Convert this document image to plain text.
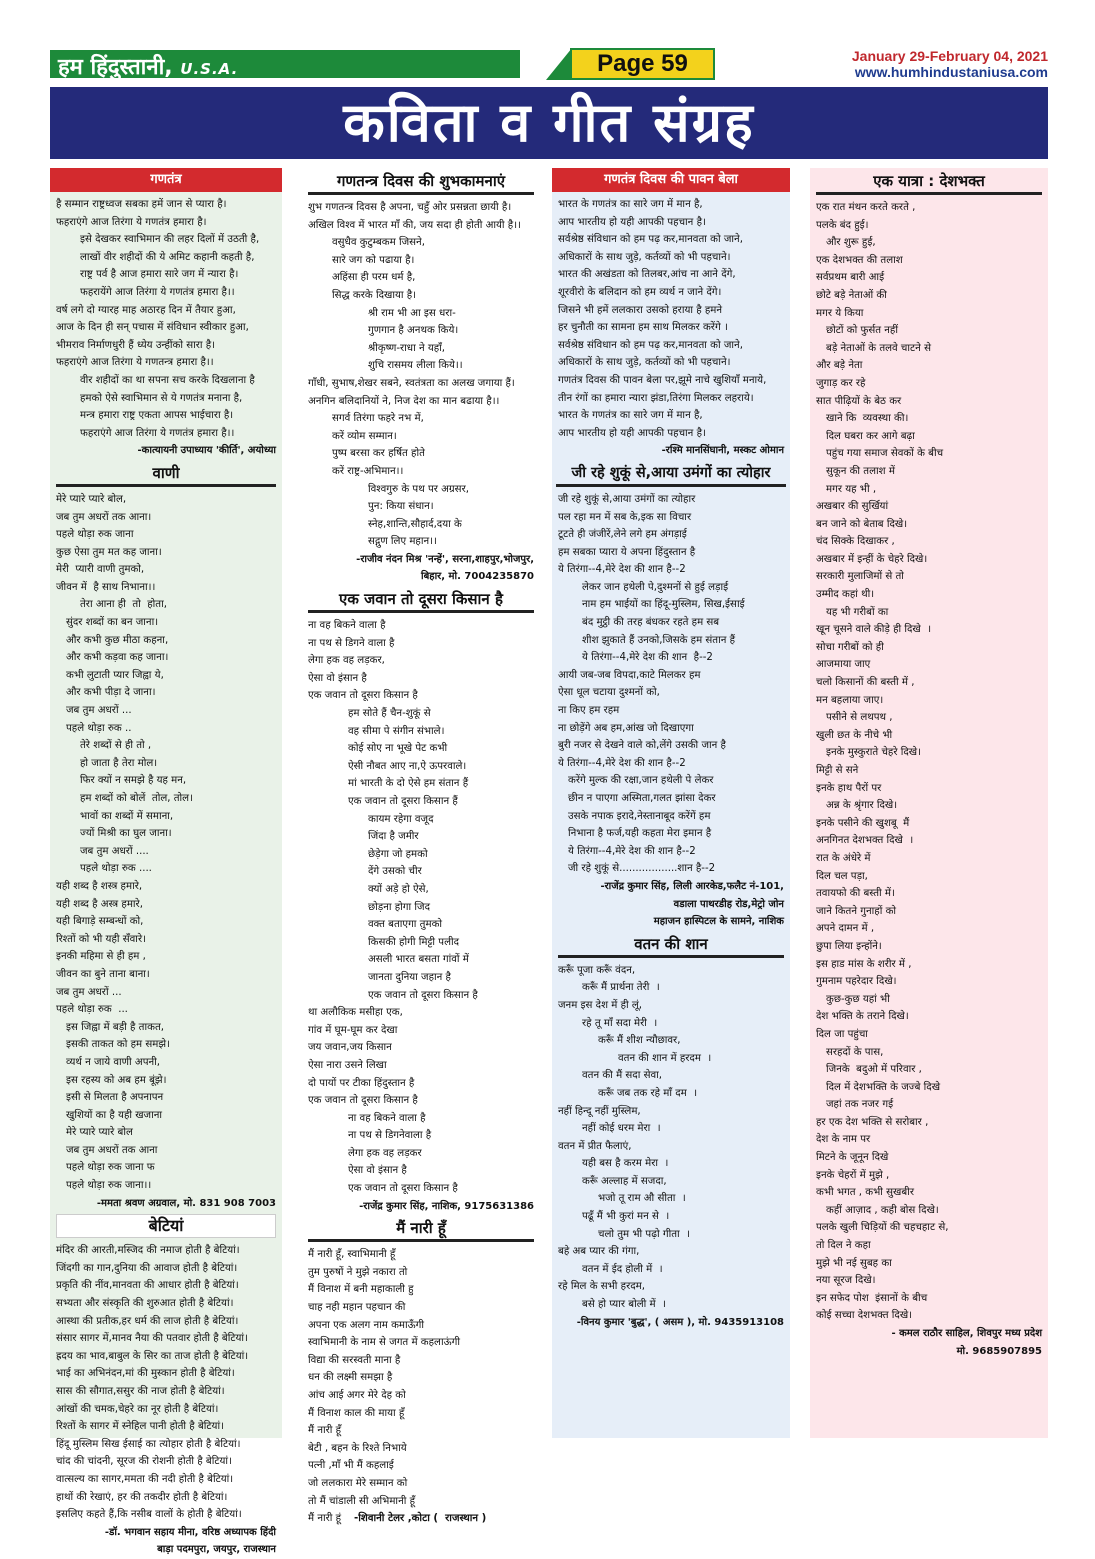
हम हिंदुस्तानी, U.S.A.	Page 59	January 29-February 04, 2021
www.humhindustaniusa.com
कविता व गीत संग्रह
गणतंत्र
है सम्मान राष्ट्रध्वज सबका हमें जान से प्यारा है।
फहराएंगे आज तिरंगा ये गणतंत्र हमारा है।
इसे देखकर स्वाभिमान की लहर दिलों में उठती है,
लाखों वीर शहीदों की ये अमिट कहानी कहती है,
राष्ट्र पर्व है आज हमारा सारे जग में न्यारा है।
फहरायेंगे आज तिरंगा ये गणतंत्र हमारा है।।
वर्ष लगे दो ग्यारह माह अठारह दिन में तैयार हुआ,
आज के दिन ही सन् पचास में संविधान स्वीकार हुआ,
भीमराव निर्माणधुरी हैं ध्येय उन्हींको सारा है।
फहराएंगे आज तिरंगा ये गणतन्त्र हमारा है।।
वीर शहीदों का था सपना सच करके दिखलाना है
हमको ऐसे स्वाभिमान से ये गणतंत्र मनाना है,
मन्त्र हमारा राष्ट्र एकता आपस भाईचारा है।
फहराएंगे आज तिरंगा ये गणतंत्र हमारा है।।
-कात्यायनी उपाध्याय 'कीर्ति', अयोध्या
वाणी
मेरे प्यारे प्यारे बोल,
जब तुम अधरों तक आना।
पहले थोड़ा रुक जाना
कुछ ऐसा तुम मत कह जाना।
मेरी  प्यारी वाणी तुमको,
जीवन में  है साथ निभाना।।
तेरा आना ही  तो  होता,
सुंदर शब्दों का बन जाना।
और कभी कुछ मीठा कहना,
और कभी कड़वा कह जाना।
कभी लुटाती प्यार जिह्वा ये,
और कभी पीड़ा दे जाना।
जब तुम अधरों ...
पहले थोड़ा रुक ..
तेरे शब्दों से ही तो ,
हो जाता है तेरा मोल।
फिर क्यों न समझे है यह मन,
हम शब्दों को बोलें  तोल, तोल।
भावों का शब्दों में समाना,
ज्यों मिश्री का घुल जाना।
जब तुम अधरों ....
पहले थोड़ा रुक ....
यही शब्द है शस्त्र हमारे,
यही शब्द है अस्त्र हमारे,
यही बिगाड़े सम्बन्धों को,
रिश्तों को भी यही सँवारे।
इनकी महिमा से ही हम ,
जीवन का बुने ताना बाना।
जब तुम अधरों ...
पहले थोड़ा रुक  ...
इस जिह्वा में बड़ी है ताकत,
इसकी ताकत को हम समझे।
व्यर्थ न जाये वाणी अपनी,
इस रहस्य को अब हम बूंझे।
इसी से मिलता है अपनापन
खुशियों का है यही खजाना
मेरे प्यारे प्यारे बोल
जब तुम अधरों तक आना
पहले थोड़ा रुक जाना फ
पहले थोड़ा रुक जाना।।
-ममता श्रवण अग्रवाल, मो. 831 908 7003
बेटियां
मंदिर की आरती,मस्जिद की नमाज होती है बेटियां।
जिंदगी का गान,दुनिया की आवाज होती है बेटियां।
प्रकृति की नींव,मानवता की आधार होती है बेटियां।
सभ्यता और संस्कृति की शुरुआत होती है बेटियां।
आस्था की प्रतीक,हर धर्म की लाज होती है बेटियां।
संसार सागर में,मानव नैया की पतवार होती है बेटियां।
ह्रदय का भाव,बाबुल के सिर का ताज होती है बेटियां।
भाई का अभिनंदन,मां की मुस्कान होती है बेटियां।
सास की सौगात,ससुर की नाज होती है बेटियां।
आंखों की चमक,चेहरे का नूर होती है बेटियां।
रिश्तों के सागर में स्नेहिल पानी होती है बेटियां।
हिंदू मुस्लिम सिख ईसाई का त्योहार होती है बेटियां।
चांद की चांदनी, सूरज की रोशनी होती है बेटियां।
वात्सल्य का सागर,ममता की नदी होती है बेटियां।
हाथों की रेखाएं, हर की तकदीर होती है बेटियां।
इसलिए कहते हैं,कि नसीब वालों के होती है बेटियां।
-डॉ. भगवान सहाय मीना, वरिष्ठ अध्यापक हिंदी
बाड़ा पदमपुरा, जयपुर, राजस्थान
गणतन्त्र दिवस की शुभकामनाएं
शुभ गणतन्त्र दिवस है अपना, चहुँ ओर प्रसन्नता छायी है।
अखिल विश्व में भारत माँ की, जय सदा ही होती आयी है।।
वसुधैव कुटुम्बकम जिसने,
सारे जग को पढाया है।
अहिंसा ही परम धर्म है,
सिद्ध करके दिखाया है।
श्री राम भी आ इस धरा-
गुणगान है अनथक किये।
श्रीकृष्ण-राधा ने यहाँ,
शुचि रासमय लीला किये।।
गाँधी, सुभाष,शेखर सबने, स्वतंत्रता का अलख जगाया हैं।
अनगिन बलिदानियों ने, निज देश का मान बढाया है।।
सगर्व तिरंगा फहरे नभ में,
करें व्योम सम्मान।
पुष्प बरसा कर हर्षित होते
करें राष्ट्र-अभिमान।।
विश्वगुरु के पथ पर अग्रसर,
पुन: किया संधान।
स्नेह,शान्ति,सौहार्द,दया के
सद्गुण लिए महान।।
-राजीव नंदन मिश्र 'नन्हें', सरना,शाहपुर,भोजपुर,
बिहार, मो. 7004235870
एक जवान तो दूसरा किसान है
ना वह बिकने वाला है
ना पथ से डिगने वाला है
लेगा हक वह लड़कर,
ऐसा वो इंसान है
एक जवान तो दूसरा किसान है
हम सोते हैं चैन-शुकूं से
वह सीमा पे संगीन संभाले।
कोई सोए ना भूखे पेट कभी
ऐसी नौबत आए ना,ऐ ऊपरवाले।
मां भारती के दो ऐसे हम संतान हैं
एक जवान तो दूसरा किसान हैं
कायम रहेगा वजूद
जिंदा है जमीर
छेड़ेगा जो हमको
देंगे उसको चीर
क्यों अड़े हो ऐसे,
छोड़ना होगा जिद
वक्त बताएगा तुमको
किसकी होगी मिट्टी पलीद
असली भारत बसता गांवों में
जानता दुनिया जहान है
एक जवान तो दूसरा किसान है
था अलौकिक मसीहा एक,
गांव में घूम-घूम कर देखा
जय जवान,जय किसान
ऐसा नारा उसने लिखा
दो पायों पर टीका हिंदुस्तान है
एक जवान तो दूसरा किसान है
ना वह बिकने वाला है
ना पथ से डिगनेवाला है
लेगा हक वह लड़कर
ऐसा वो इंसान है
एक जवान तो दूसरा किसान है
-राजेंद्र कुमार सिंह, नाशिक, 9175631386
मैं नारी हूँ
मैं नारी हूँ, स्वाभिमानी हूँ
तुम पुरुषों ने मुझे नकारा तो
मैं विनाश में बनी महाकाली हु
चाह नही महान पहचान की
अपना एक अलग नाम कमाऊँगी
स्वाभिमानी के नाम से जगत में कहलाऊंगी
विद्या की सरस्वती माना है
धन की लक्ष्मी समझा है
आंच आई अगर मेरे देह को
मैं विनाश काल की माया हूँ
मैं नारी हूँ
बेटी , बहन के रिश्ते निभाये
पत्नी ,माँ भी मैं कहलाई
जो ललकारा मेरे सम्मान को
तो मैं चांडाली सी अभिमानी हूँ
मैं नारी हूं -शिवानी टेलर ,कोटा (  राजस्थान )
गणतंत्र दिवस की पावन बेला
भारत के गणतंत्र का सारे जग में मान है,
आप भारतीय हो यही आपकी पहचान है।
सर्वश्रेष्ठ संविधान को हम पढ़ कर,मानवता को जाने,
अधिकारों के साथ जुड़े, कर्तव्यों को भी पहचाने।
भारत की अखंडता को तिलबर,आंच ना आने देंगे,
शूरवीरो के बलिदान को हम व्यर्थ न जाने देंगे।
जिसने भी हमें ललकारा उसको हराया है हमने
हर चुनौती का सामना हम साथ मिलकर करेंगे ।
सर्वश्रेष्ठ संविधान को हम पढ़ कर,मानवता को जाने,
अधिकारों के साथ जुड़े, कर्तव्यों को भी पहचाने।
गणतंत्र दिवस की पावन बेला पर,झूमे नाचे खुशियाँ मनाये,
तीन रंगों का हमारा न्यारा झंडा,तिरंगा मिलकर लहराये।
भारत के गणतंत्र का सारे जग में मान है,
आप भारतीय हो यही आपकी पहचान है।
-रश्मि मानसिंघानी, मस्कट ओमान
जी रहे शुकूं से,आया उमंगों का त्योहार
जी रहे शुकूं से,आया उमंगों का त्योहार
पल रहा मन में सब के,इक सा विचार
टूटते ही जंजीरें,लेने लगे हम अंगड़ाई
हम सबका प्यारा ये अपना हिंदुस्तान है
ये तिरंगा--4,मेरे देश की शान है--2
लेकर जान हथेली पे,दुश्मनों से हुई लड़ाई
नाम हम भाईयों का हिंदू-मुस्लिम, सिख,ईसाई
बंद मुट्ठी की तरह बंधकर रहते हम सब
शीश झुकाते हैं उनको,जिसके हम संतान हैं
ये तिरंगा--4,मेरे देश की शान  है--2
आयी जब-जब विपदा,काटे मिलकर हम
ऐसा धूल चटाया दुश्मनों को,
ना किए हम रहम
ना छोड़ेंगे अब हम,आंख जो दिखाएगा
बुरी नजर से देखने वाले को,लेंगे उसकी जान है
ये तिरंगा--4,मेरे देश की शान है--2
करेंगे मुल्क की रक्षा,जान हथेली पे लेकर
छीन न पाएगा अस्मिता,गलत झांसा देकर
उसके नपाक इरादे,नेस्तानाबूद करेंगें हम
निभाना है फर्ज,यही कहता मेरा इमान है
ये तिरंगा--4,मेरे देश की शान है--2
जी रहे शुकूं से..................शान है--2
-राजेंद्र कुमार सिंह, लिली आरकेड,फलैट नं-101,
वडाला पाथरडीह रोड,मेट्रो जोन
महाजन हास्पिटल के सामने, नाशिक
वतन की शान
करूँ पूजा करूँ वंदन,
करूँ मैं प्रार्थना तेरी  ।
जनम इस देश में ही लूं,
रहे तू माँ सदा मेरी  ।
करूँ मैं शीश न्यौछावर,
वतन की शान में हरदम  ।
वतन की मैं सदा सेवा,
करूँ जब तक रहे माँ दम  ।
नहीं हिन्दू नहीं मुस्लिम,
नहीं कोई धरम मेरा  ।
वतन में प्रीत फैलाएं,
यही बस है करम मेरा  ।
करूँ अल्लाह में सजदा,
भजो तू राम औ सीता  ।
पढूँ मैं भी कुरां मन से  ।
चलो तुम भी पढ़ो गीता  ।
बहे अब प्यार की गंगा,
वतन में ईद होली में  ।
रहे मिल के सभी हरदम,
बसे हो प्यार बोली में  ।
-विनय कुमार 'बुद्ध', ( असम ), मो. 9435913108
एक यात्रा : देशभक्त
एक रात मंथन करते करते ,
पलके बंद हुई।
और शुरू हुई,
एक देशभक्त की तलाश
सर्वप्रथम बारी आई
छोटे बड़े नेताओं की
मगर ये किया
छोटों को फुर्सत नहीं
बड़े नेताओं के तलवे चाटने से
और बड़े नेता
जुगाड़ कर रहे
सात पीढ़ियों के बेठ कर
खाने कि  व्यवस्था की।
दिल घबरा कर आगे बढ़ा
पहुंच गया समाज सेवकों के बीच
सुकून की तलाश में
मगर यह भी ,
अखबार की सुर्खियां
बन जाने को बेताब दिखे।
चंद सिक्के दिखाकर ,
अखबार में इन्हीं के चेहरे दिखे।
सरकारी मुलाजिमों से तो
उम्मीद कहां थी।
यह भी गरीबों का
खून चूसने वाले कीड़े ही दिखे  ।
सोचा गरीबों को ही
आजमाया जाए
चलो किसानों की बस्ती में ,
मन बहलाया जाए।
पसीने से लथपथ ,
खुली छत के नीचे भी
इनके मुस्कुराते चेहरे दिखे।
मिट्टी से सने
इनके हाथ पैरों पर
अन्न के श्रृंगार दिखे।
इनके पसीने की खुशबू  मैं
अनगिनत देशभक्त दिखे  ।
रात के अंधेरे में
दिल चल पड़ा,
तवायफो की बस्ती में।
जाने कितने गुनाहों को
अपने दामन में ,
छुपा लिया इन्होंने।
इस हाड मांस के शरीर में ,
गुमनाम पहरेदार दिखे।
कुछ-कुछ यहां भी
देश भक्ति के तराने दिखे।
दिल जा पहुंचा
सरहदों के पास,
जिनके  बदुओ में परिवार ,
दिल में देशभक्ति के जज्बे दिखे
जहां तक नजर गई
हर एक देश भक्ति से सरोबार ,
देश के नाम पर
मिटने के जूनून दिखे
इनके चेहरों में मुझे ,
कभी भगत , कभी सुखबीर
कहीं आज़ाद , कही बोस दिखे।
पलके खुली चिड़ियों की चहचहाट से,
तो दिल ने कहा
मुझे भी नई सुबह का
नया सूरज दिखे।
इन सफेद पोश  इंसानों के बीच
कोई सच्चा देशभक्त दिखे।
- कमल राठौर साहिल, शिवपुर मध्य प्रदेश
मो. 9685907895
